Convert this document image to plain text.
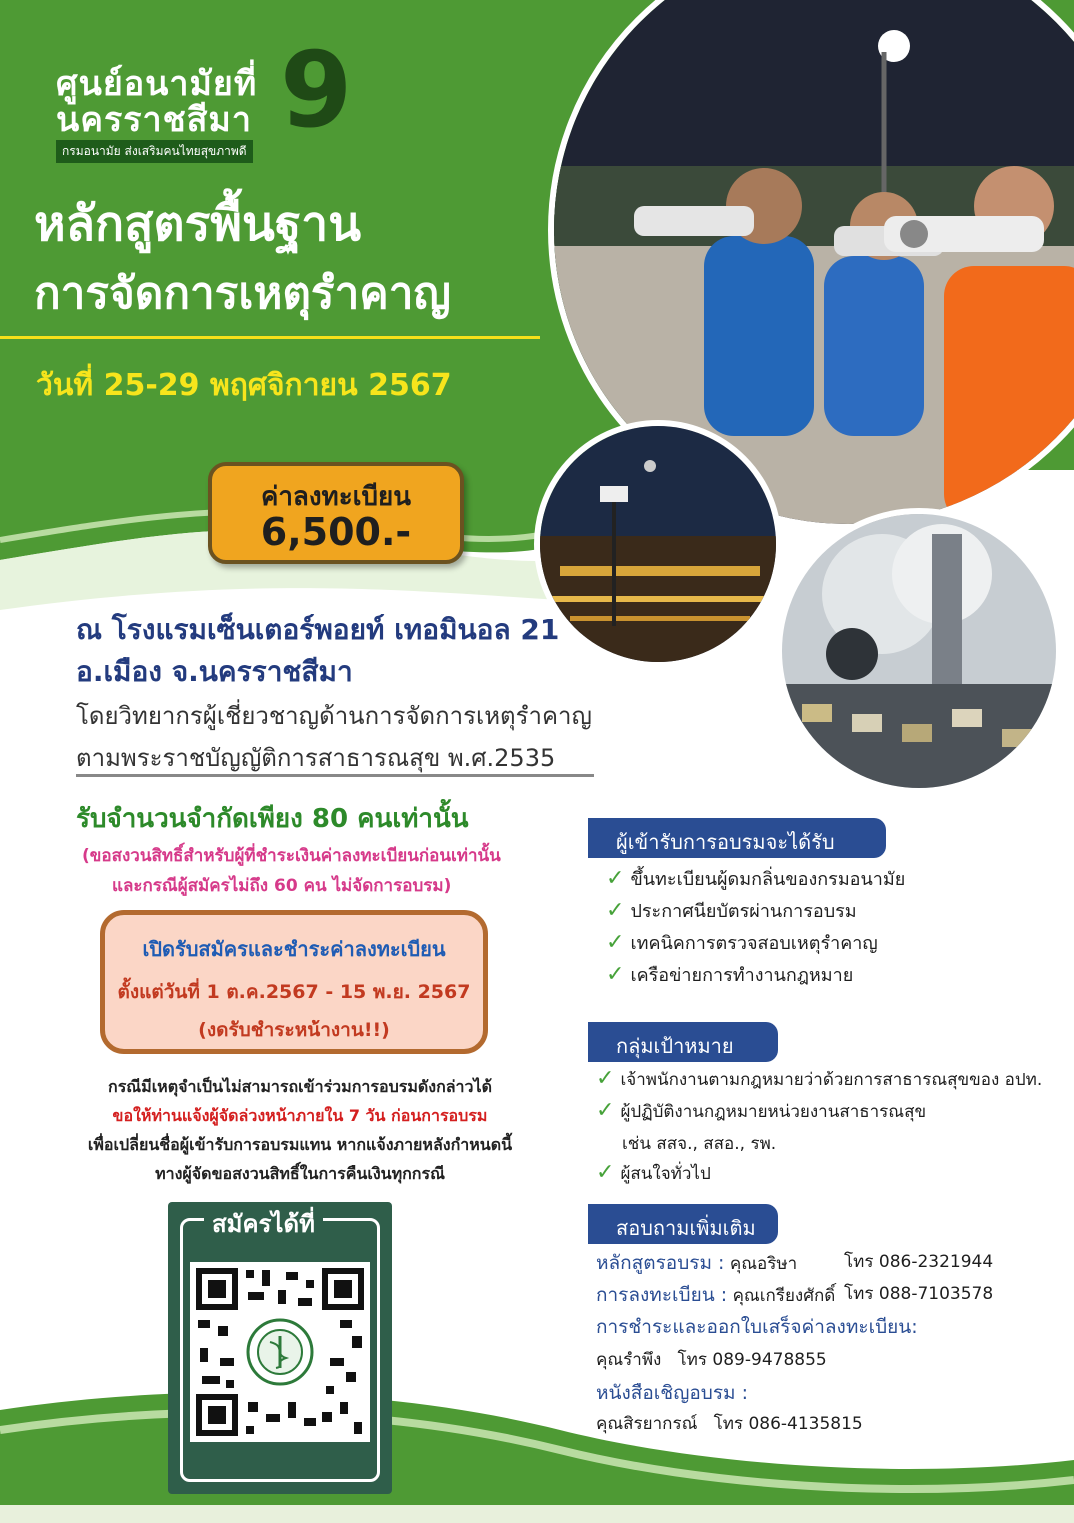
ศูนย์อนามัยที่
นครราชสีมา 9
กรมอนามัย ส่งเสริมคนไทยสุขภาพดี
หลักสูตรพื้นฐาน
การจัดการเหตุรำคาญ
วันที่ 25-29 พฤศจิกายน 2567
ค่าลงทะเบียน
6,500.-
ณ โรงแรมเซ็นเตอร์พอยท์ เทอมินอล 21
อ.เมือง จ.นครราชสีมา
โดยวิทยากรผู้เชี่ยวชาญด้านการจัดการเหตุรำคาญ
ตามพระราชบัญญัติการสาธารณสุข พ.ศ.2535
รับจำนวนจำกัดเพียง 80 คนเท่านั้น
(ขอสงวนสิทธิ์สำหรับผู้ที่ชำระเงินค่าลงทะเบียนก่อนเท่านั้น
และกรณีผู้สมัครไม่ถึง 60 คน ไม่จัดการอบรม)
เปิดรับสมัครและชำระค่าลงทะเบียน
ตั้งแต่วันที่ 1 ต.ค.2567 - 15 พ.ย. 2567
(งดรับชำระหน้างาน!!)
กรณีมีเหตุจำเป็นไม่สามารถเข้าร่วมการอบรมดังกล่าวได้
ขอให้ท่านแจ้งผู้จัดล่วงหน้าภายใน 7 วัน ก่อนการอบรม
เพื่อเปลี่ยนชื่อผู้เข้ารับการอบรมแทน หากแจ้งภายหลังกำหนดนี้
ทางผู้จัดขอสงวนสิทธิ์ในการคืนเงินทุกกรณี
ผู้เข้ารับการอบรมจะได้รับ
✓ ขึ้นทะเบียนผู้ดมกลิ่นของกรมอนามัย
✓ ประกาศนียบัตรผ่านการอบรม
✓ เทคนิคการตรวจสอบเหตุรำคาญ
✓ เครือข่ายการทำงานกฎหมาย
กลุ่มเป้าหมาย
✓ เจ้าพนักงานตามกฎหมายว่าด้วยการสาธารณสุขของ อปท.
✓ ผู้ปฏิบัติงานกฎหมายหน่วยงานสาธารณสุข
เช่น สสจ., สสอ., รพ.
✓ ผู้สนใจทั่วไป
สอบถามเพิ่มเติม
หลักสูตรอบรม : คุณอริษา	โทร 086-2321944
การลงทะเบียน : คุณเกรียงศักดิ์ โทร 088-7103578
การชำระและออกใบเสร็จค่าลงทะเบียน:
คุณรำพึง โทร 089-9478855
หนังสือเชิญอบรม :
คุณสิรยากรณ์ โทร 086-4135815
สมัครได้ที่
